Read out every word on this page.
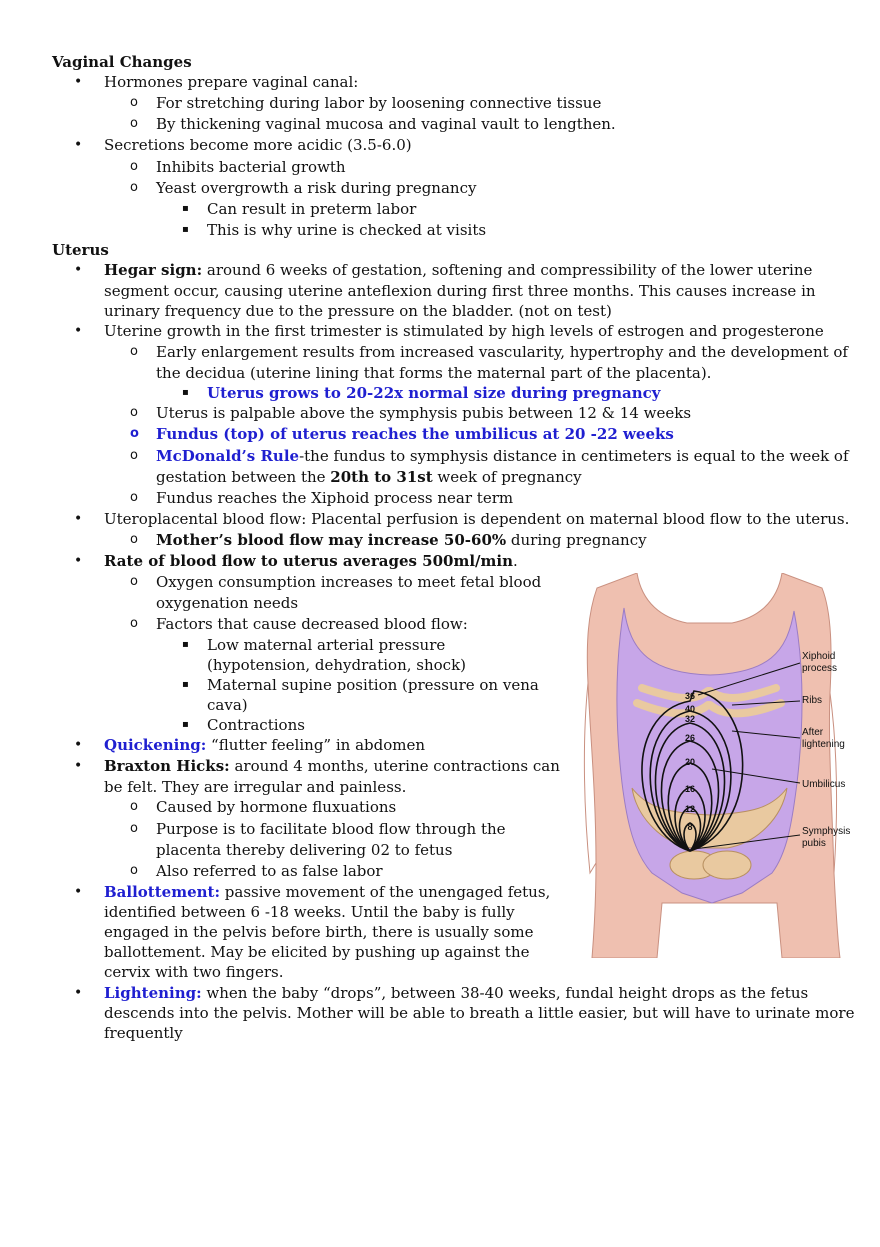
Vaginal Changes
• Hormones prepare vaginal canal:
o For stretching during labor by loosening connective tissue
o By thickening vaginal mucosa and vaginal vault to lengthen.
• Secretions become more acidic (3.5-6.0)
o Inhibits bacterial growth
o Yeast overgrowth a risk during pregnancy
▪ Can result in preterm labor
▪ This is why urine is checked at visits
Uterus
• Hegar sign: around 6 weeks of gestation, softening and compressibility of the lower uterine
segment occur, causing uterine anteflexion during first three months. This causes increase in
urinary frequency due to the pressure on the bladder. (not on test)
• Uterine growth in the first trimester is stimulated by high levels of estrogen and progesterone
o Early enlargement results from increased vascularity, hypertrophy and the development of
the decidua (uterine lining that forms the maternal part of the placenta).
▪ Uterus grows to 20-22x normal size during pregnancy
o Uterus is palpable above the symphysis pubis between 12 & 14 weeks
o Fundus (top) of uterus reaches the umbilicus at 20 -22 weeks
o McDonald’s Rule-the fundus to symphysis distance in centimeters is equal to the week of
gestation between the 20th to 31st week of pregnancy
o Fundus reaches the Xiphoid process near term
• Uteroplacental blood flow: Placental perfusion is dependent on maternal blood flow to the uterus.
o Mother’s blood flow may increase 50-60% during pregnancy
• Rate of blood flow to uterus averages 500ml/min.
o Oxygen consumption increases to meet fetal blood
oxygenation needs
o Factors that cause decreased blood flow:
▪ Low maternal arterial pressure
(hypotension, dehydration, shock)
▪ Maternal supine position (pressure on vena
cava)
▪ Contractions
• Quickening: “flutter feeling” in abdomen
• Braxton Hicks: around 4 months, uterine contractions can
be felt. They are irregular and painless.
o Caused by hormone fluxuations
o Purpose is to facilitate blood flow through the
placenta thereby delivering 02 to fetus
o Also referred to as false labor
• Ballottement: passive movement of the unengaged fetus,
identified between 6 -18 weeks. Until the baby is fully
engaged in the pelvis before birth, there is usually some
ballottement. May be elicited by pushing up against the
cervix with two fingers.
• Lightening: when the baby “drops”, between 38-40 weeks, fundal height drops as the fetus
descends into the pelvis. Mother will be able to breath a little easier, but will have to urinate more
frequently
36
40
32
26
20
16
12
8
Xiphoid
process
Ribs
After
lightening
Umbilicus
Symphysis
pubis
